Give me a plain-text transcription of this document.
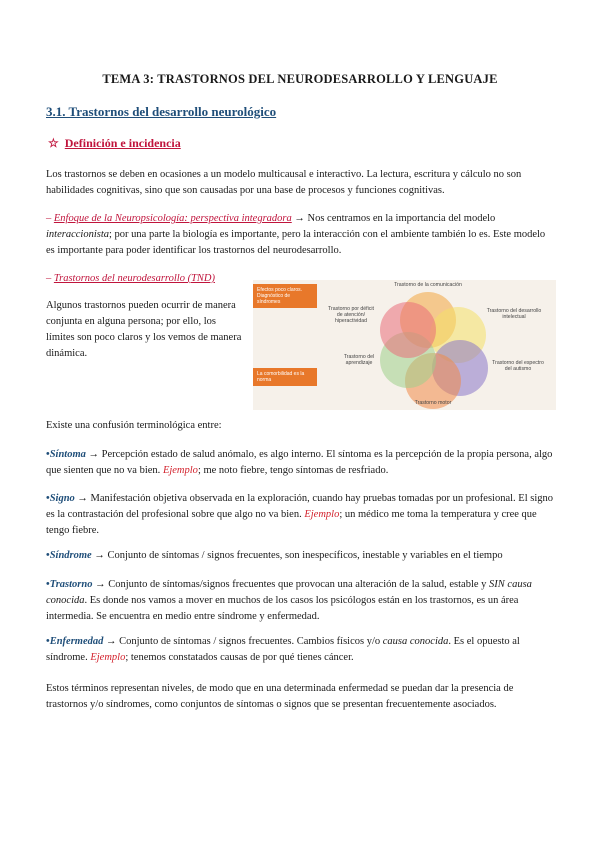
TEMA 3: TRASTORNOS DEL NEURODESARROLLO Y LENGUAJE
3.1. Trastornos del desarrollo neurológico
☆ Definición e incidencia
Los trastornos se deben en ocasiones a un modelo multicausal e interactivo. La lectura, escritura y cálculo no son habilidades cognitivas, sino que son causadas por una base de procesos y funciones cognitivas.
– Enfoque de la Neuropsicología: perspectiva integradora → Nos centramos en la importancia del modelo interaccionista; por una parte la biología es importante, pero la interacción con el ambiente también lo es. Este modelo es importante para poder identificar los trastornos del neurodesarrollo.
– Trastornos del neurodesarrollo (TND)
Algunos trastornos pueden ocurrir de manera conjunta en alguna persona; por ello, los límites son poco claros y los vemos de manera dinámica.
Efectos poco claros. Diagnóstico de síndromes
La comorbilidad es la norma
Trastorno de la comunicación
Trastorno por déficit de atención/ hiperactividad
Trastorno del desarrollo intelectual
Trastorno del aprendizaje	Trastorno del espectro del autismo
Trastorno motor
Existe una confusión terminológica entre:
•Síntoma → Percepción estado de salud anómalo, es algo interno. El síntoma es la percepción de la propia persona, algo que sienten que no va bien. Ejemplo; me noto fiebre, tengo síntomas de resfriado.
•Signo → Manifestación objetiva observada en la exploración, cuando hay pruebas tomadas por un profesional. El signo es la contrastación del profesional sobre que algo no va bien. Ejemplo; un médico me toma la temperatura y cree que tengo fiebre.
•Síndrome → Conjunto de síntomas / signos frecuentes, son inespecíficos, inestable y variables en el tiempo
•Trastorno → Conjunto de síntomas/signos frecuentes que provocan una alteración de la salud, estable y SIN causa conocida. Es donde nos vamos a mover en muchos de los casos los psicólogos están en los trastornos, es un área intermedia. Se encuentra en medio entre síndrome y enfermedad.
•Enfermedad → Conjunto de síntomas / signos frecuentes. Cambios físicos y/o causa conocida. Es el opuesto al síndrome. Ejemplo; tenemos constatados causas de por qué tienes cáncer.
Estos términos representan niveles, de modo que en una determinada enfermedad se puedan dar la presencia de trastornos y/o síndromes, como conjuntos de síntomas o signos que se presentan frecuentemente asociados.
